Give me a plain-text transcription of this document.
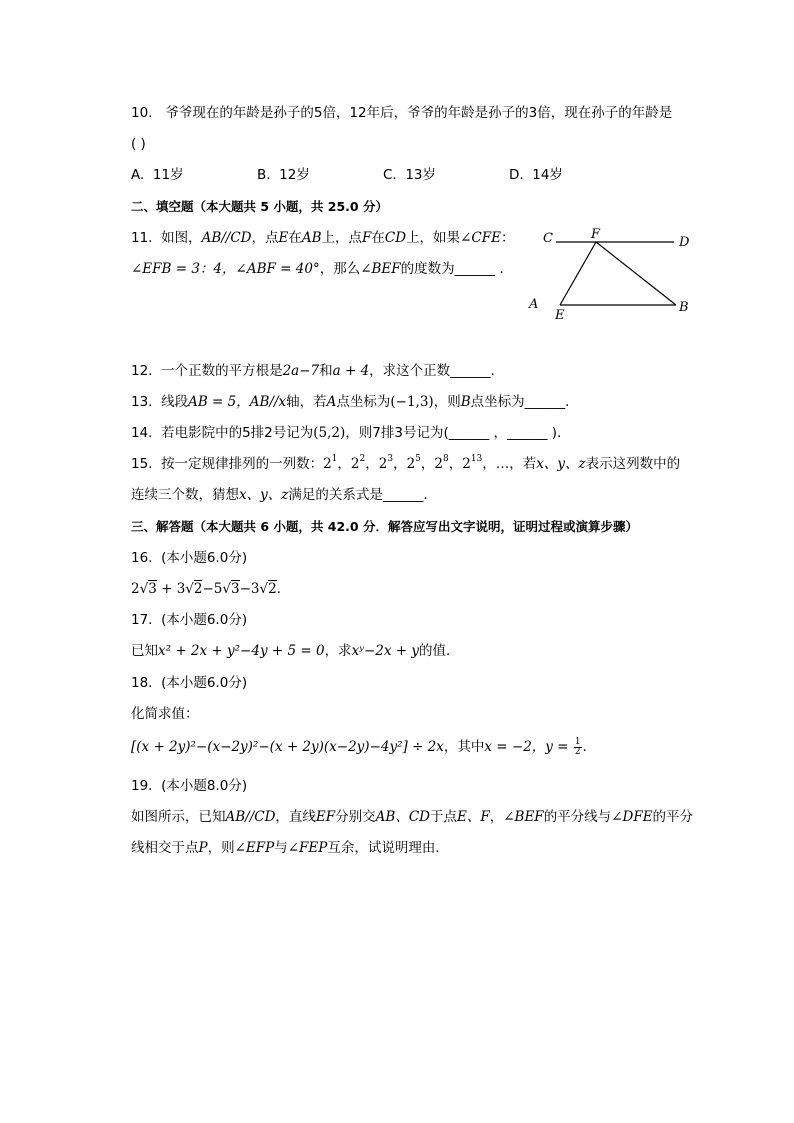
10. 爷爷现在的年龄是孙子的5倍，12年后，爷爷的年龄是孙子的3倍，现在孙子的年龄是
( )
A. 11岁	B. 12岁	C. 13岁	D. 14岁
二、填空题（本大题共 5 小题，共 25.0 分）
11. 如图，AB//CD，点E在AB上，点F在CD上，如果∠CFE：
∠EFB = 3：4，∠ABF = 40°，那么∠BEF的度数为______ ．
C	F
D
A
E
B
12. 一个正数的平方根是2a−7和a + 4，求这个正数______．
13. 线段AB = 5，AB//x轴，若A点坐标为(−1,3)，则B点坐标为______．
14. 若电影院中的5排2号记为(5,2)，则7排3号记为(______ ，______ )．
15. 按一定规律排列的一列数：$2^1$，$2^2$，$2^3$，$2^5$，$2^8$，$2^{13}$，…，若x、y、z表示这列数中的
连续三个数，猜想x、y、z满足的关系式是______．
三、解答题（本大题共 6 小题，共 42.0 分．解答应写出文字说明，证明过程或演算步骤）
16. (本小题6.0分)
2√3 + 3√2−5√3−3√2．
17. (本小题6.0分)
已知x² + 2x + y²−4y + 5 = 0，求xʸ−2x + y的值．
18. (本小题6.0分)
化简求值：
[(x + 2y)²−(x−2y)²−(x + 2y)(x−2y)−4y²] ÷ 2x，其中x = −2，$y = \frac{1}{2}$ ．
19. (本小题8.0分)
如图所示，已知AB//CD，直线EF分别交AB、CD于点E、F，∠BEF的平分线与∠DFE的平分
线相交于点P，则∠EFP与∠FEP互余，试说明理由．
